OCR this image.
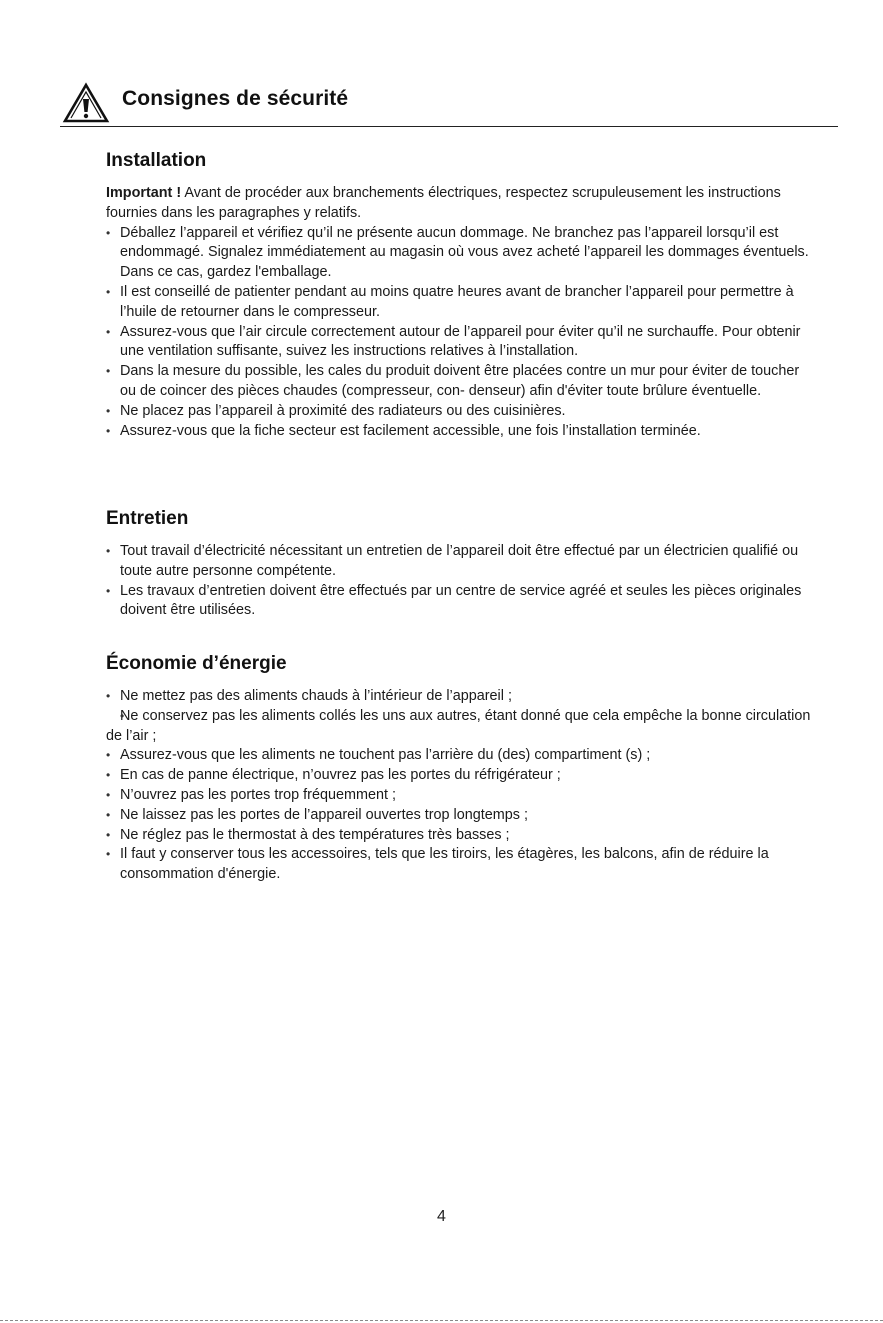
Consignes de sécurité
Installation

Important ! Avant de procéder aux branchements électriques, respectez scrupuleusement les instructions fournies dans les paragraphes y relatifs.

• Déballez l’appareil et vérifiez qu’il ne présente aucun dommage. Ne branchez pas l’appareil lorsqu’il est endommagé. Signalez immédiatement au magasin où vous avez acheté l’appareil les dommages éventuels. Dans ce cas, gardez l'emballage.
• Il est conseillé de patienter pendant au moins quatre heures avant de brancher l’appareil pour permettre à l’huile de retourner dans le compresseur.
• Assurez-vous que l’air circule correctement autour de l’appareil pour éviter qu’il ne surchauffe. Pour obtenir une ventilation suffisante, suivez les instructions relatives à l’installation.
• Dans la mesure du possible, les cales du produit doivent être placées contre un mur pour éviter de toucher ou de coincer des pièces chaudes (compresseur, con- denseur) afin d'éviter toute brûlure éventuelle.
• Ne placez pas l’appareil à proximité des radiateurs ou des cuisinières.
• Assurez-vous que la fiche secteur est facilement accessible, une fois l’installation terminée.
Entretien
• Tout travail d’électricité nécessitant un entretien de l’appareil doit être effectué par un électricien qualifié ou toute autre personne compétente.
• Les travaux d’entretien doivent être effectués par un centre de service agréé et seules les pièces originales doivent être utilisées.
Économie d’énergie
• Ne mettez pas des aliments chauds à l’intérieur de l’appareil ;
• Ne conservez pas les aliments collés les uns aux autres, étant donné que cela empêche la bonne circulation de l’air ;
• Assurez-vous que les aliments ne touchent pas l’arrière du (des) compartiment (s) ;
• En cas de panne électrique, n’ouvrez pas les portes du réfrigérateur ;
• N’ouvrez pas les portes trop fréquemment ;
• Ne laissez pas les portes de l’appareil ouvertes trop longtemps ;
• Ne réglez pas le thermostat à des températures très basses ;
• Il faut y conserver tous les accessoires, tels que les tiroirs, les étagères, les balcons, afin de réduire la consommation d'énergie.
4
